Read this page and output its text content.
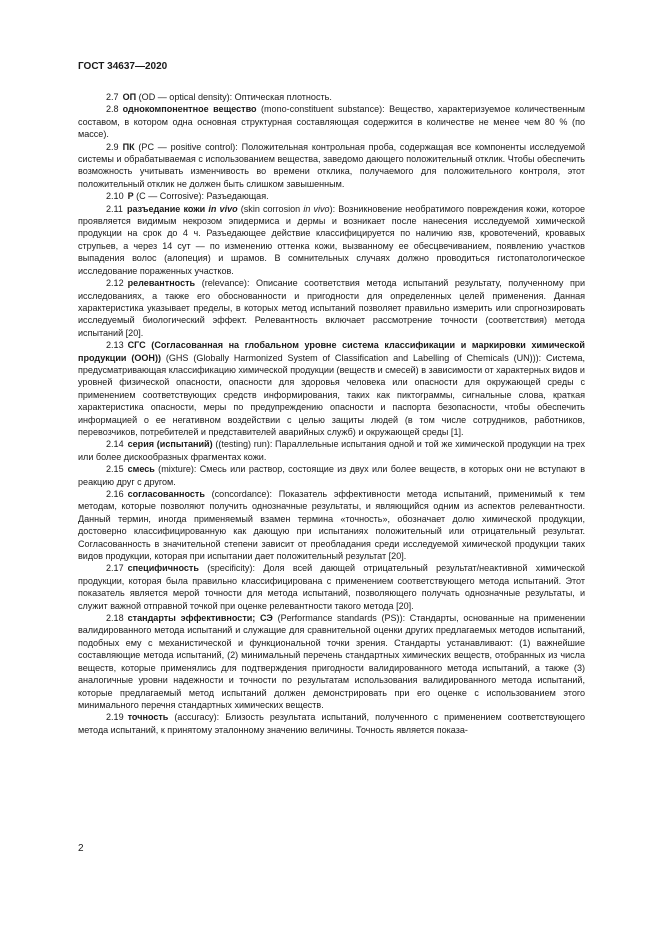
ГОСТ 34637—2020

2.7 ОП (OD — optical density): Оптическая плотность.

2.8 однокомпонентное вещество (mono-constituent substance): Вещество, характеризуемое количественным составом, в котором одна основная структурная составляющая содержится в количестве не менее чем 80 % (по массе).

2.9 ПК (PC — positive control): Положительная контрольная проба, содержащая все компоненты исследуемой системы и обрабатываемая с использованием вещества, заведомо дающего положительный отклик. Чтобы обеспечить возможность учитывать изменчивость во времени отклика, получаемого для положительного контроля, этот положительный отклик не должен быть слишком завышенным.

2.10 Р (C — Corrosive): Разъедающая.

2.11 разъедание кожи in vivo (skin corrosion in vivo): Возникновение необратимого повреждения кожи, которое проявляется видимым некрозом эпидермиса и дермы и возникает после нанесения исследуемой химической продукции на срок до 4 ч. Разъедающее действие классифицируется по наличию язв, кровотечений, кровавых струпьев, а через 14 сут — по изменению оттенка кожи, вызванному ее обесцвечиванием, появлению участков выпадения волос (алопеция) и шрамов. В сомнительных случаях должно проводиться гистопатологическое исследование пораженных участков.

2.12 релевантность (relevance): Описание соответствия метода испытаний результату, полученному при исследованиях, а также его обоснованности и пригодности для определенных целей применения. Данная характеристика указывает пределы, в которых метод испытаний позволяет правильно измерить или спрогнозировать исследуемый биологический эффект. Релевантность включает рассмотрение точности (соответствия) метода испытаний [20].

2.13 СГС (Согласованная на глобальном уровне система классификации и маркировки химической продукции (ООН)) (GHS (Globally Harmonized System of Classification and Labelling of Chemicals (UN))): Система, предусматривающая классификацию химической продукции (веществ и смесей) в зависимости от характерных видов и уровней физической опасности, опасности для здоровья человека или опасности для окружающей среды с применением соответствующих средств информирования, таких как пиктограммы, сигнальные слова, краткая характеристика опасности, меры по предупреждению опасности и паспорта безопасности, чтобы обеспечить информацией о ее негативном воздействии с целью защиты людей (в том числе сотрудников, работников, перевозчиков, потребителей и представителей аварийных служб) и окружающей среды [1].

2.14 серия (испытаний) ((testing) run): Параллельные испытания одной и той же химической продукции на трех или более дискообразных фрагментах кожи.

2.15 смесь (mixture): Смесь или раствор, состоящие из двух или более веществ, в которых они не вступают в реакцию друг с другом.

2.16 согласованность (concordance): Показатель эффективности метода испытаний, применимый к тем методам, которые позволяют получить однозначные результаты, и являющийся одним из аспектов релевантности. Данный термин, иногда применяемый взамен термина «точность», обозначает долю химической продукции, достоверно классифицированную как дающую при испытаниях положительный или отрицательный результат. Согласованность в значительной степени зависит от преобладания среди исследуемой химической продукции таких видов продукции, которая при испытании дает положительный результат [20].

2.17 специфичность (specificity): Доля всей дающей отрицательный результат/неактивной химической продукции, которая была правильно классифицирована с применением соответствующего метода испытаний. Этот показатель является мерой точности для метода испытаний, позволяющего получать однозначные результаты, и служит важной отправной точкой при оценке релевантности такого метода [20].

2.18 стандарты эффективности; СЭ (Performance standards (PS)): Стандарты, основанные на применении валидированного метода испытаний и служащие для сравнительной оценки других предлагаемых методов испытаний, подобных ему с механистической и функциональной точки зрения. Стандарты устанавливают: (1) важнейшие составляющие метода испытаний, (2) минимальный перечень стандартных химических веществ, отобранных из числа веществ, которые применялись для подтверждения пригодности валидированного метода испытаний, а также (3) аналогичные уровни надежности и точности по результатам использования валидированного метода испытаний, которые предлагаемый метод испытаний должен демонстрировать при его оценке с использованием этого минимального перечня стандартных химических веществ.

2.19 точность (accuracy): Близость результата испытаний, полученного с применением соответствующего метода испытаний, к принятому эталонному значению величины. Точность является показа-

2
